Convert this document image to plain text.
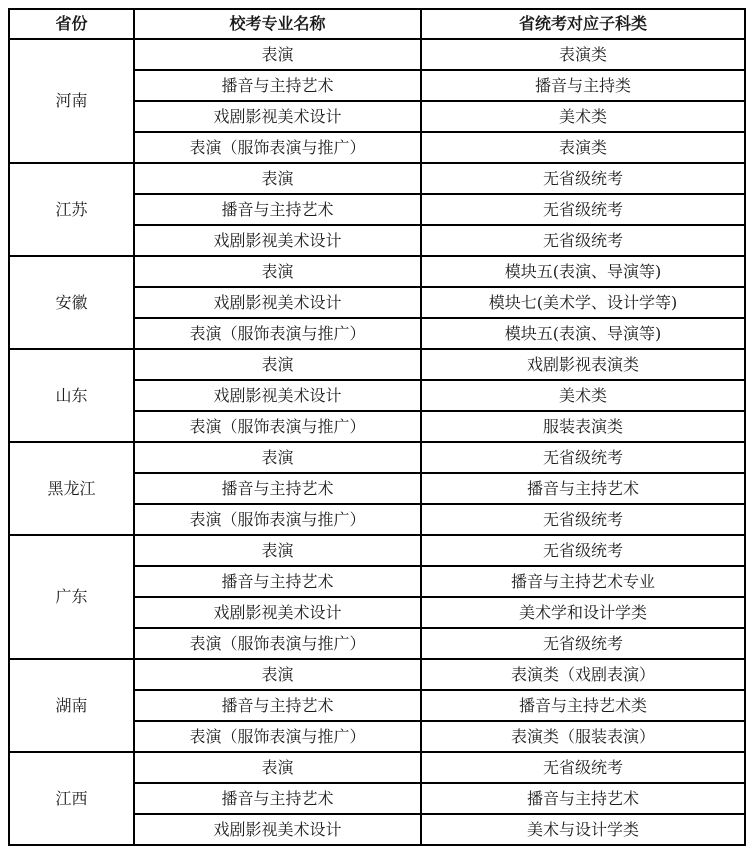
省份	校考专业名称	省统考对应子科类
河南	表演	表演类
	播音与主持艺术	播音与主持类
	戏剧影视美术设计	美术类
	表演（服饰表演与推广）	表演类
江苏	表演	无省级统考
	播音与主持艺术	无省级统考
	戏剧影视美术设计	无省级统考
安徽	表演	模块五(表演、导演等)
	戏剧影视美术设计	模块七(美术学、设计学等)
	表演（服饰表演与推广）	模块五(表演、导演等)
山东	表演	戏剧影视表演类
	戏剧影视美术设计	美术类
	表演（服饰表演与推广）	服装表演类
黑龙江	表演	无省级统考
	播音与主持艺术	播音与主持艺术
	表演（服饰表演与推广）	无省级统考
广东	表演	无省级统考
	播音与主持艺术	播音与主持艺术专业
	戏剧影视美术设计	美术学和设计学类
	表演（服饰表演与推广）	无省级统考
湖南	表演	表演类（戏剧表演）
	播音与主持艺术	播音与主持艺术类
	表演（服饰表演与推广）	表演类（服装表演）
江西	表演	无省级统考
	播音与主持艺术	播音与主持艺术
	戏剧影视美术设计	美术与设计学类
